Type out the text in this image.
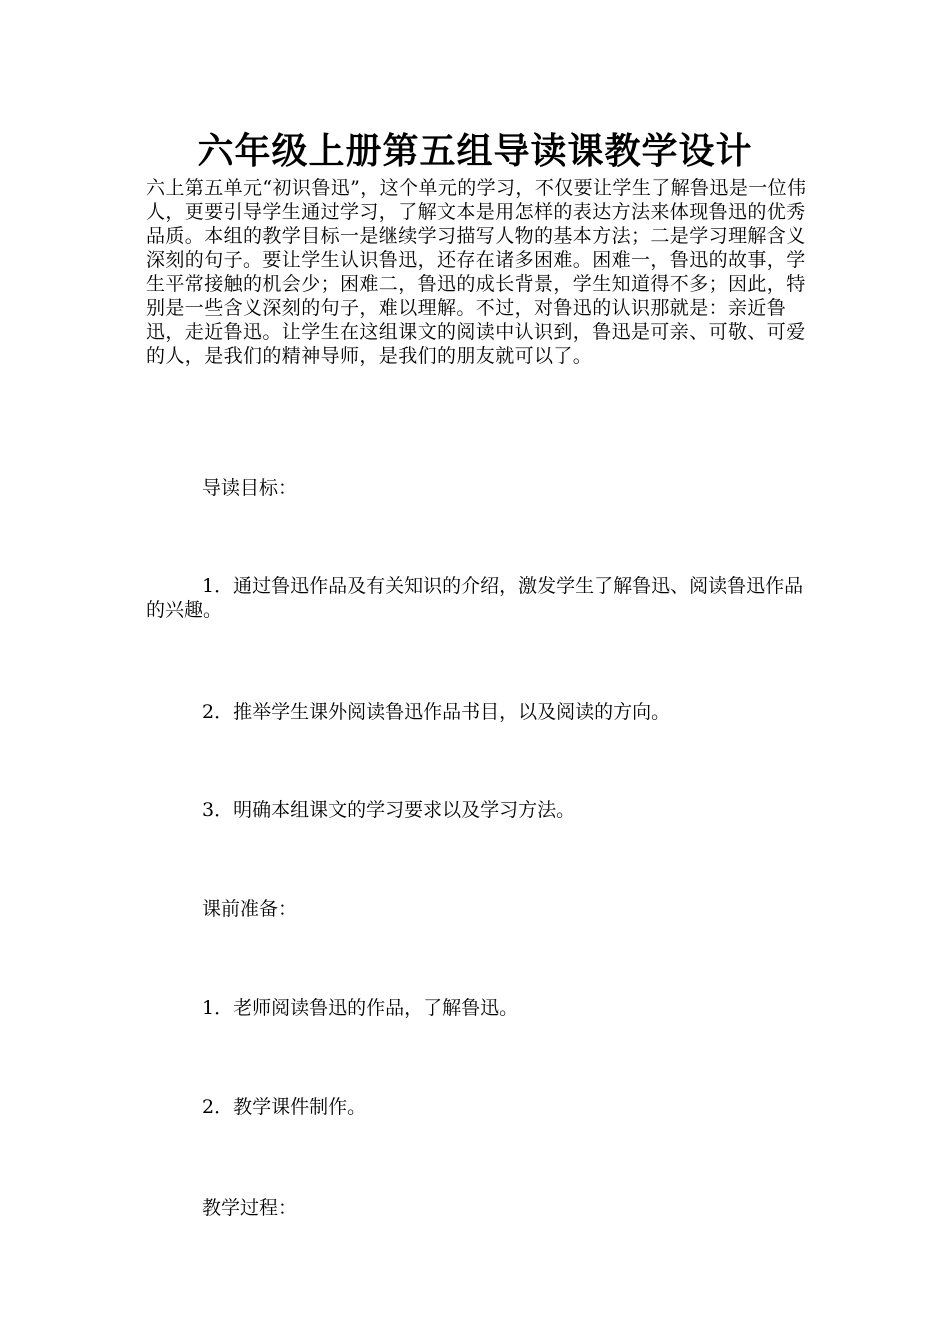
六年级上册第五组导读课教学设计

六上第五单元“初识鲁迅”，这个单元的学习，不仅要让学生了解鲁迅是一位伟人，更要引导学生通过学习，了解文本是用怎样的表达方法来体现鲁迅的优秀品质。本组的教学目标一是继续学习描写人物的基本方法；二是学习理解含义深刻的句子。要让学生认识鲁迅，还存在诸多困难。困难一，鲁迅的故事，学生平常接触的机会少；困难二，鲁迅的成长背景，学生知道得不多；因此，特别是一些含义深刻的句子，难以理解。不过，对鲁迅的认识那就是：亲近鲁迅，走近鲁迅。让学生在这组课文的阅读中认识到，鲁迅是可亲、可敬、可爱的人，是我们的精神导师，是我们的朋友就可以了。

导读目标：

1．通过鲁迅作品及有关知识的介绍，激发学生了解鲁迅、阅读鲁迅作品的兴趣。

2．推举学生课外阅读鲁迅作品书目，以及阅读的方向。

3．明确本组课文的学习要求以及学习方法。

课前准备：

1．老师阅读鲁迅的作品，了解鲁迅。

2．教学课件制作。

教学过程：
